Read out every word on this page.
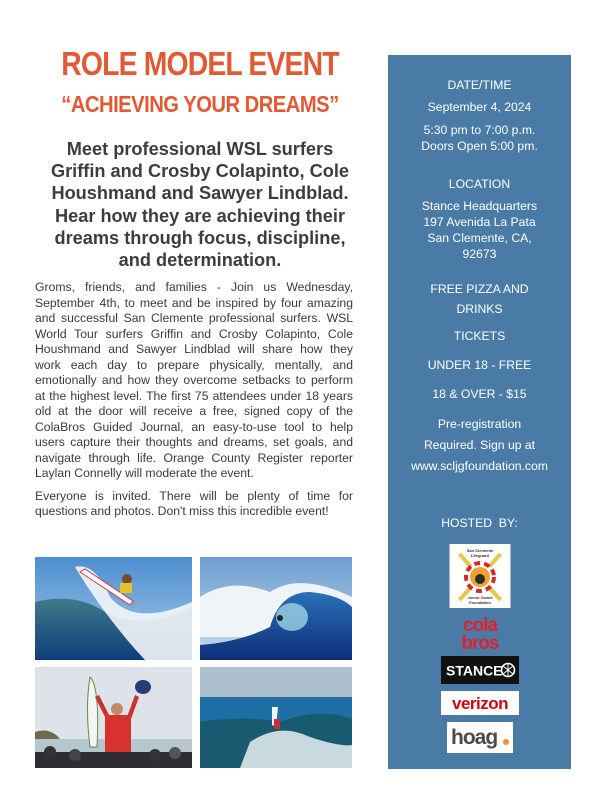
ROLE MODEL EVENT
“ACHIEVING YOUR DREAMS”
Meet professional WSL surfers
Griffin and Crosby Colapinto, Cole
Houshmand and Sawyer Lindblad.
Hear how they are achieving their
dreams through focus, discipline,
and determination.

Groms, friends, and families - Join us Wednesday, September 4th, to meet and be inspired by four amazing and successful San Clemente professional surfers. WSL World Tour surfers Griffin and Crosby Colapinto, Cole Houshmand and Sawyer Lindblad will share how they work each day to prepare physically, mentally, and emotionally and how they overcome setbacks to perform at the highest level. The first 75 attendees under 18 years old at the door will receive a free, signed copy of the ColaBros Guided Journal, an easy-to-use tool to help users capture their thoughts and dreams, set goals, and navigate through life. Orange County Register reporter Laylan Connelly will moderate the event.

Everyone is invited. There will be plenty of time for questions and photos. Don't miss this incredible event!

DATE/TIME
September 4, 2024
5:30 pm to 7:00 p.m.
Doors Open 5:00 pm.
LOCATION
Stance Headquarters
197 Avenida La Pata
San Clemente, CA,
92673
FREE PIZZA AND
DRINKS
TICKETS
UNDER 18 - FREE
18 & OVER - $15
Pre-registration
Required. Sign up at
www.scljgfoundation.com
HOSTED  BY:
San Clemente
Lifeguard
Junior Guard
Foundation
cola
bros
STANCE
verizon
hoag
